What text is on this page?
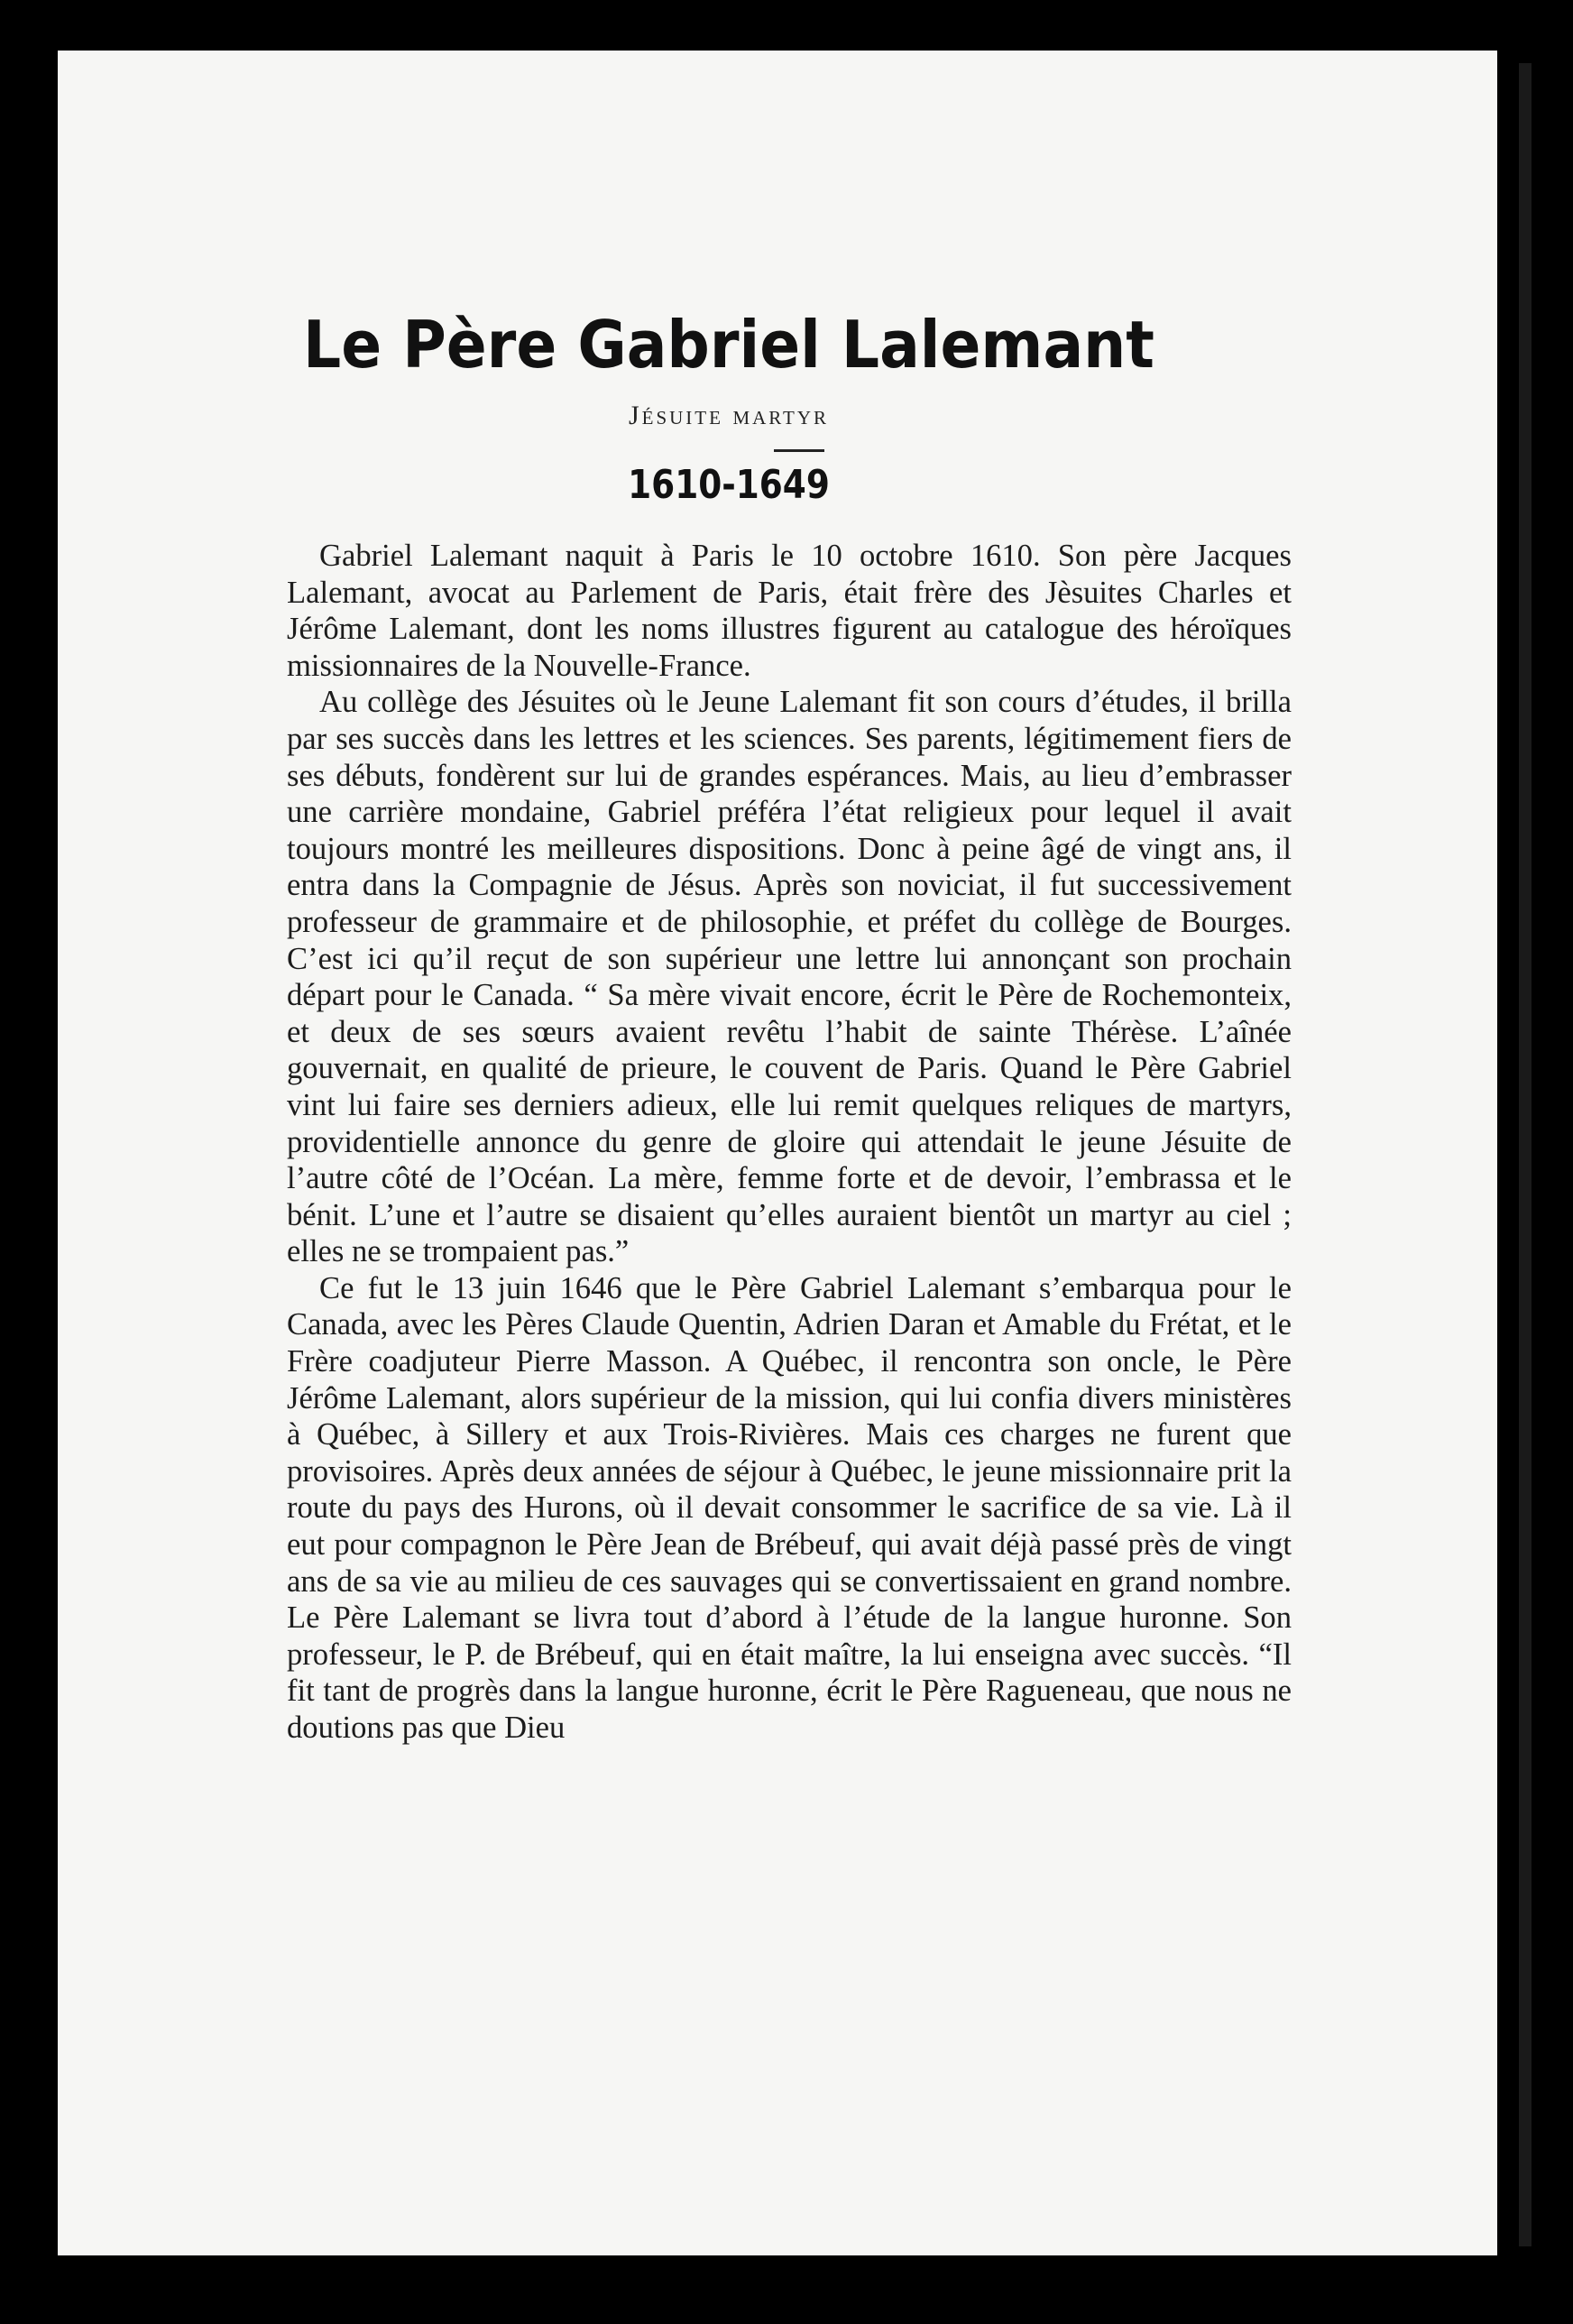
Le Père Gabriel Lalemant
Jésuite martyr
1610-1649

Gabriel Lalemant naquit à Paris le 10 octobre 1610. Son père Jacques Lalemant, avocat au Parlement de Paris, était frère des Jèsuites Charles et Jérôme Lalemant, dont les noms illustres figurent au catalogue des héroïques missionnaires de la Nouvelle-France.

Au collège des Jésuites où le Jeune Lalemant fit son cours d’études, il brilla par ses succès dans les lettres et les sciences. Ses parents, légitimement fiers de ses débuts, fondèrent sur lui de grandes espérances. Mais, au lieu d’embrasser une carrière mondaine, Gabriel préféra l’état religieux pour lequel il avait toujours montré les meilleures dispositions. Donc à peine âgé de vingt ans, il entra dans la Compagnie de Jésus. Après son noviciat, il fut successivement professeur de grammaire et de philosophie, et préfet du collège de Bourges. C’est ici qu’il reçut de son supérieur une lettre lui annonçant son prochain départ pour le Canada. “ Sa mère vivait encore, écrit le Père de Rochemonteix, et deux de ses sœurs avaient revêtu l’habit de sainte Thérèse. L’aînée gouvernait, en qualité de prieure, le couvent de Paris. Quand le Père Gabriel vint lui faire ses derniers adieux, elle lui remit quelques reliques de martyrs, providentielle annonce du genre de gloire qui attendait le jeune Jésuite de l’autre côté de l’Océan. La mère, femme forte et de devoir, l’embrassa et le bénit. L’une et l’autre se disaient qu’elles auraient bientôt un martyr au ciel ; elles ne se trompaient pas.”

Ce fut le 13 juin 1646 que le Père Gabriel Lalemant s’embarqua pour le Canada, avec les Pères Claude Quentin, Adrien Daran et Amable du Frétat, et le Frère coadjuteur Pierre Masson. A Québec, il rencontra son oncle, le Père Jérôme Lalemant, alors supérieur de la mission, qui lui confia divers ministères à Québec, à Sillery et aux Trois-Rivières. Mais ces charges ne furent que provisoires. Après deux années de séjour à Québec, le jeune missionnaire prit la route du pays des Hurons, où il devait consommer le sacrifice de sa vie. Là il eut pour compagnon le Père Jean de Brébeuf, qui avait déjà passé près de vingt ans de sa vie au milieu de ces sauvages qui se convertissaient en grand nombre. Le Père Lalemant se livra tout d’abord à l’étude de la langue huronne. Son professeur, le P. de Brébeuf, qui en était maître, la lui enseigna avec succès. “Il fit tant de progrès dans la langue huronne, écrit le Père Ragueneau, que nous ne doutions pas que Dieu
